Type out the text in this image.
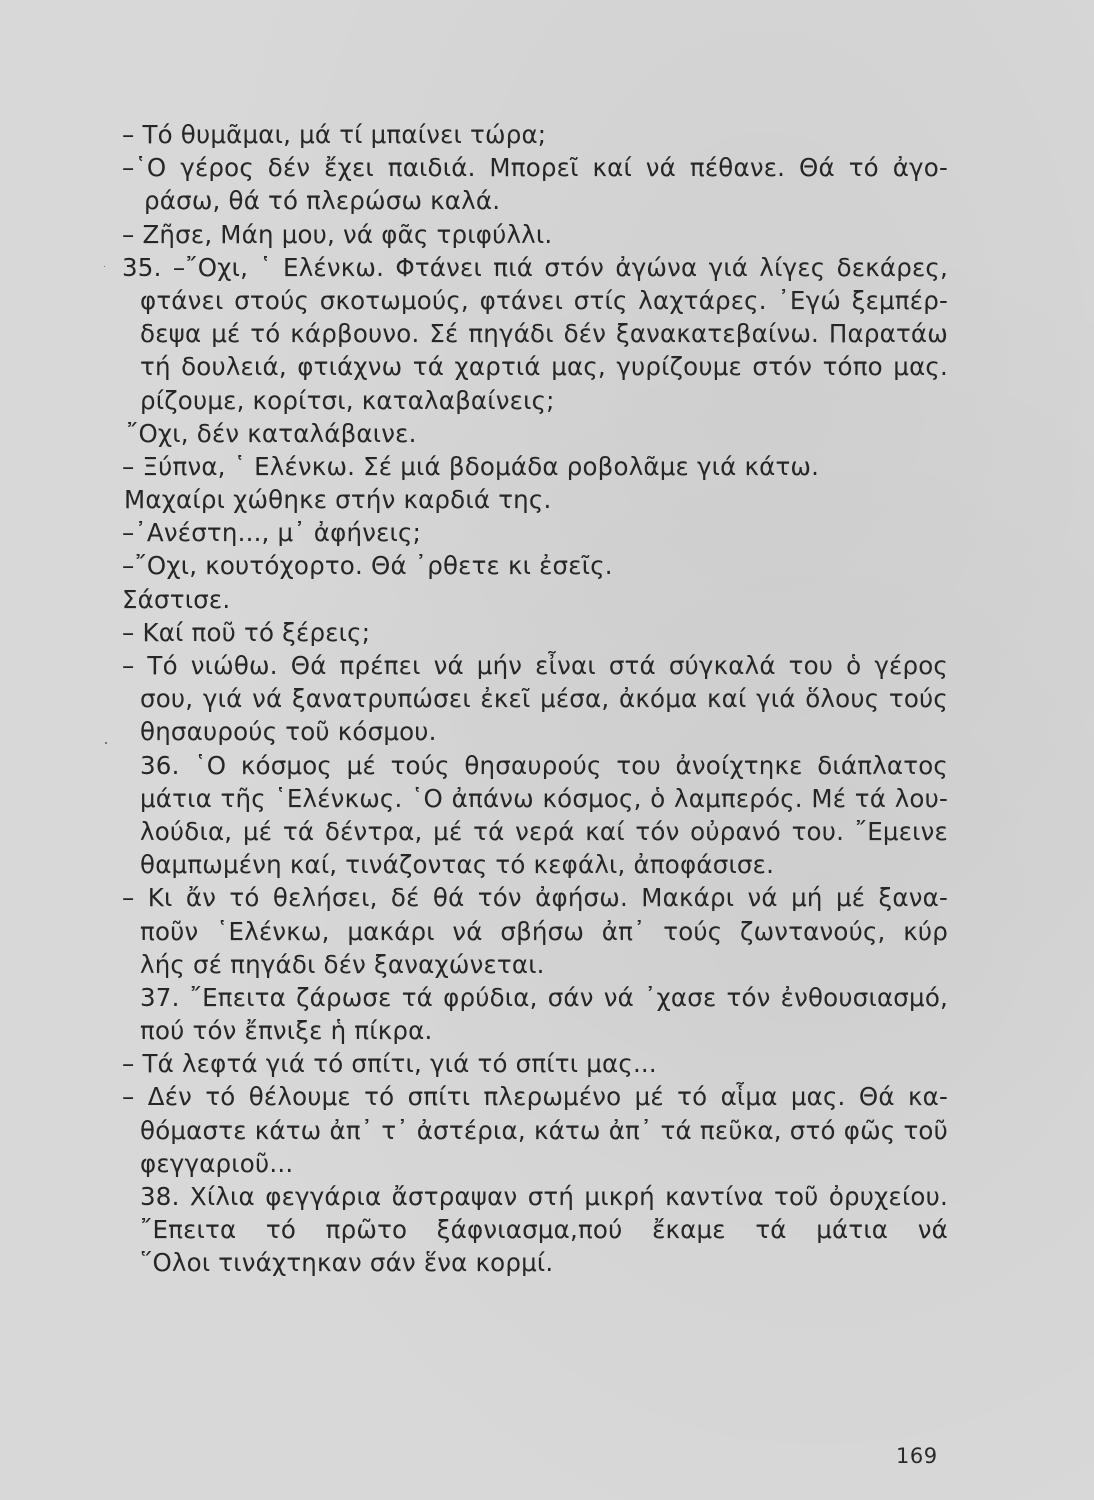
– Τό θυμᾶμαι, μά τί μπαίνει τώρα;
–῾Ο γέρος δέν ἔχει παιδιά. Μπορεῖ καί νά πέθανε. Θά τό ἀγο-
ράσω, θά τό πλερώσω καλά.
– Ζῆσε, Μάη μου, νά φᾶς τριφύλλι.
35. –῎Οχι, ῾ Ελένκω. Φτάνει πιά στόν ἀγώνα γιά λίγες δεκάρες,
φτάνει στούς σκοτωμούς, φτάνει στίς λαχτάρες. ᾿Εγώ ξεμπέρ-
δεψα μέ τό κάρβουνο. Σέ πηγάδι δέν ξανακατεβαίνω. Παρατάω
τή δουλειά, φτιάχνω τά χαρτιά μας, γυρίζουμε στόν τόπο μας.
ρίζουμε, κορίτσι, καταλαβαίνεις;
῎Οχι, δέν καταλάβαινε.
– Ξύπνα, ῾ Ελένκω. Σέ μιά βδομάδα ροβολᾶμε γιά κάτω.
Μαχαίρι χώθηκε στήν καρδιά της.
–᾿Ανέστη..., μ᾿ ἀφήνεις;
–῎Οχι, κουτόχορτο. Θά ᾿ρθετε κι ἐσεῖς.
Σάστισε.
– Καί ποῦ τό ξέρεις;
– Τό νιώθω. Θά πρέπει νά μήν εἶναι στά σύγκαλά του ὁ γέρος
σου, γιά νά ξανατρυπώσει ἐκεῖ μέσα, ἀκόμα καί γιά ὅλους τούς
θησαυρούς τοῦ κόσμου.
36. ῾Ο κόσμος μέ τούς θησαυρούς του ἀνοίχτηκε διάπλατος
μάτια τῆς ῾Ελένκως. ῾Ο ἀπάνω κόσμος, ὁ λαμπερός. Μέ τά λου-
λούδια, μέ τά δέντρα, μέ τά νερά καί τόν οὐρανό του. ῎Εμεινε
θαμπωμένη καί, τινάζοντας τό κεφάλι, ἀποφάσισε.
– Κι ἄν τό θελήσει, δέ θά τόν ἀφήσω. Μακάρι νά μή μέ ξανα-
ποῦν ῾Ελένκω, μακάρι νά σβήσω ἀπ᾿ τούς ζωντανούς, κύρ
λής σέ πηγάδι δέν ξαναχώνεται.
37. ῎Επειτα ζάρωσε τά φρύδια, σάν νά ᾿χασε τόν ἐνθουσιασμό,
πού τόν ἔπνιξε ἡ πίκρα.
– Τά λεφτά γιά τό σπίτι, γιά τό σπίτι μας...
– Δέν τό θέλουμε τό σπίτι πλερωμένο μέ τό αἷμα μας. Θά κα-
θόμαστε κάτω ἀπ᾿ τ᾿ ἀστέρια, κάτω ἀπ᾿ τά πεῦκα, στό φῶς τοῦ
φεγγαριοῦ...
38. Χίλια φεγγάρια ἄστραψαν στή μικρή καντίνα τοῦ ὀρυχείου.
῎Επειτα τό πρῶτο ξάφνιασμα,πού ἔκαμε τά μάτια νά
῞Ολοι τινάχτηκαν σάν ἕνα κορμί.
169
